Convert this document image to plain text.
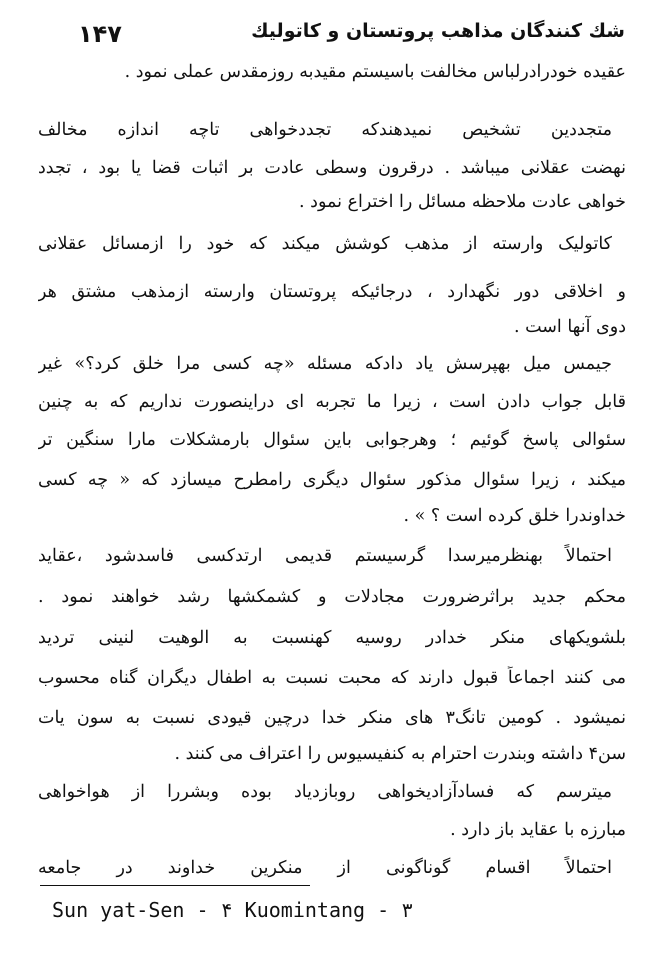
۱۴۷	شك كنندگان مذاهب پروتستان و كاتوليك
عقیده خودرادرلباس مخالفت باسیستم مقیدبه روزمقدس عملی نمود .
متجددین تشخیص نمیدهندکه تجددخواهی تاچه اندازه مخالف
نهضت عقلانی میباشد . درقرون وسطی عادت بر اثبات قضا یا بود ، تجدد
خواهی عادت ملاحظه مسائل را اختراع نمود .
کاتولیک وارسته از مذهب کوشش میکند که خود را ازمسائل عقلانی
و اخلاقی دور نگهدارد ، درجائیکه پروتستان وارسته ازمذهب مشتق هر
دوی آنها است .
جیمس میل بهپرسش یاد دادکه مسئله «چه کسی مرا خلق کرد؟» غیر
قابل جواب دادن است ، زیرا ما تجربه ای دراینصورت نداریم که به چنین
سئوالی پاسخ گوئیم ؛ وهرجوابی باین سئوال بارمشکلات مارا سنگین تر
میکند ، زیرا سئوال مذکور سئوال دیگری رامطرح میسازد که « چه کسی
خداوندرا خلق کرده است ؟ » .
احتمالاً بهنظرمیرسدا گرسیستم قدیمی ارتدکسی فاسدشود ،عقاید
محکم جدید براثرضرورت مجادلات و کشمکشها رشد خواهند نمود .
بلشویکهای منکر خدادر روسیه کهنسبت به الوهیت لنینی تردید
می کنند اجماعاً قبول دارند که محبت نسبت به اطفال دیگران گناه محسوب
نمیشود . کومین تانگ۳ های منکر خدا درچین قیودی نسبت به سون یات
سن۴ داشته وبندرت احترام به کنفیسیوس را اعتراف می کنند .
میترسم که فسادآزادیخواهی روبازدیاد بوده وبشررا از هواخواهی
مبارزه با عقاید باز دارد .
احتمالاً اقسام گوناگونی از منکرین خداوند در جامعه
Sun yat-Sen - ۴ Kuomintang - ۳
